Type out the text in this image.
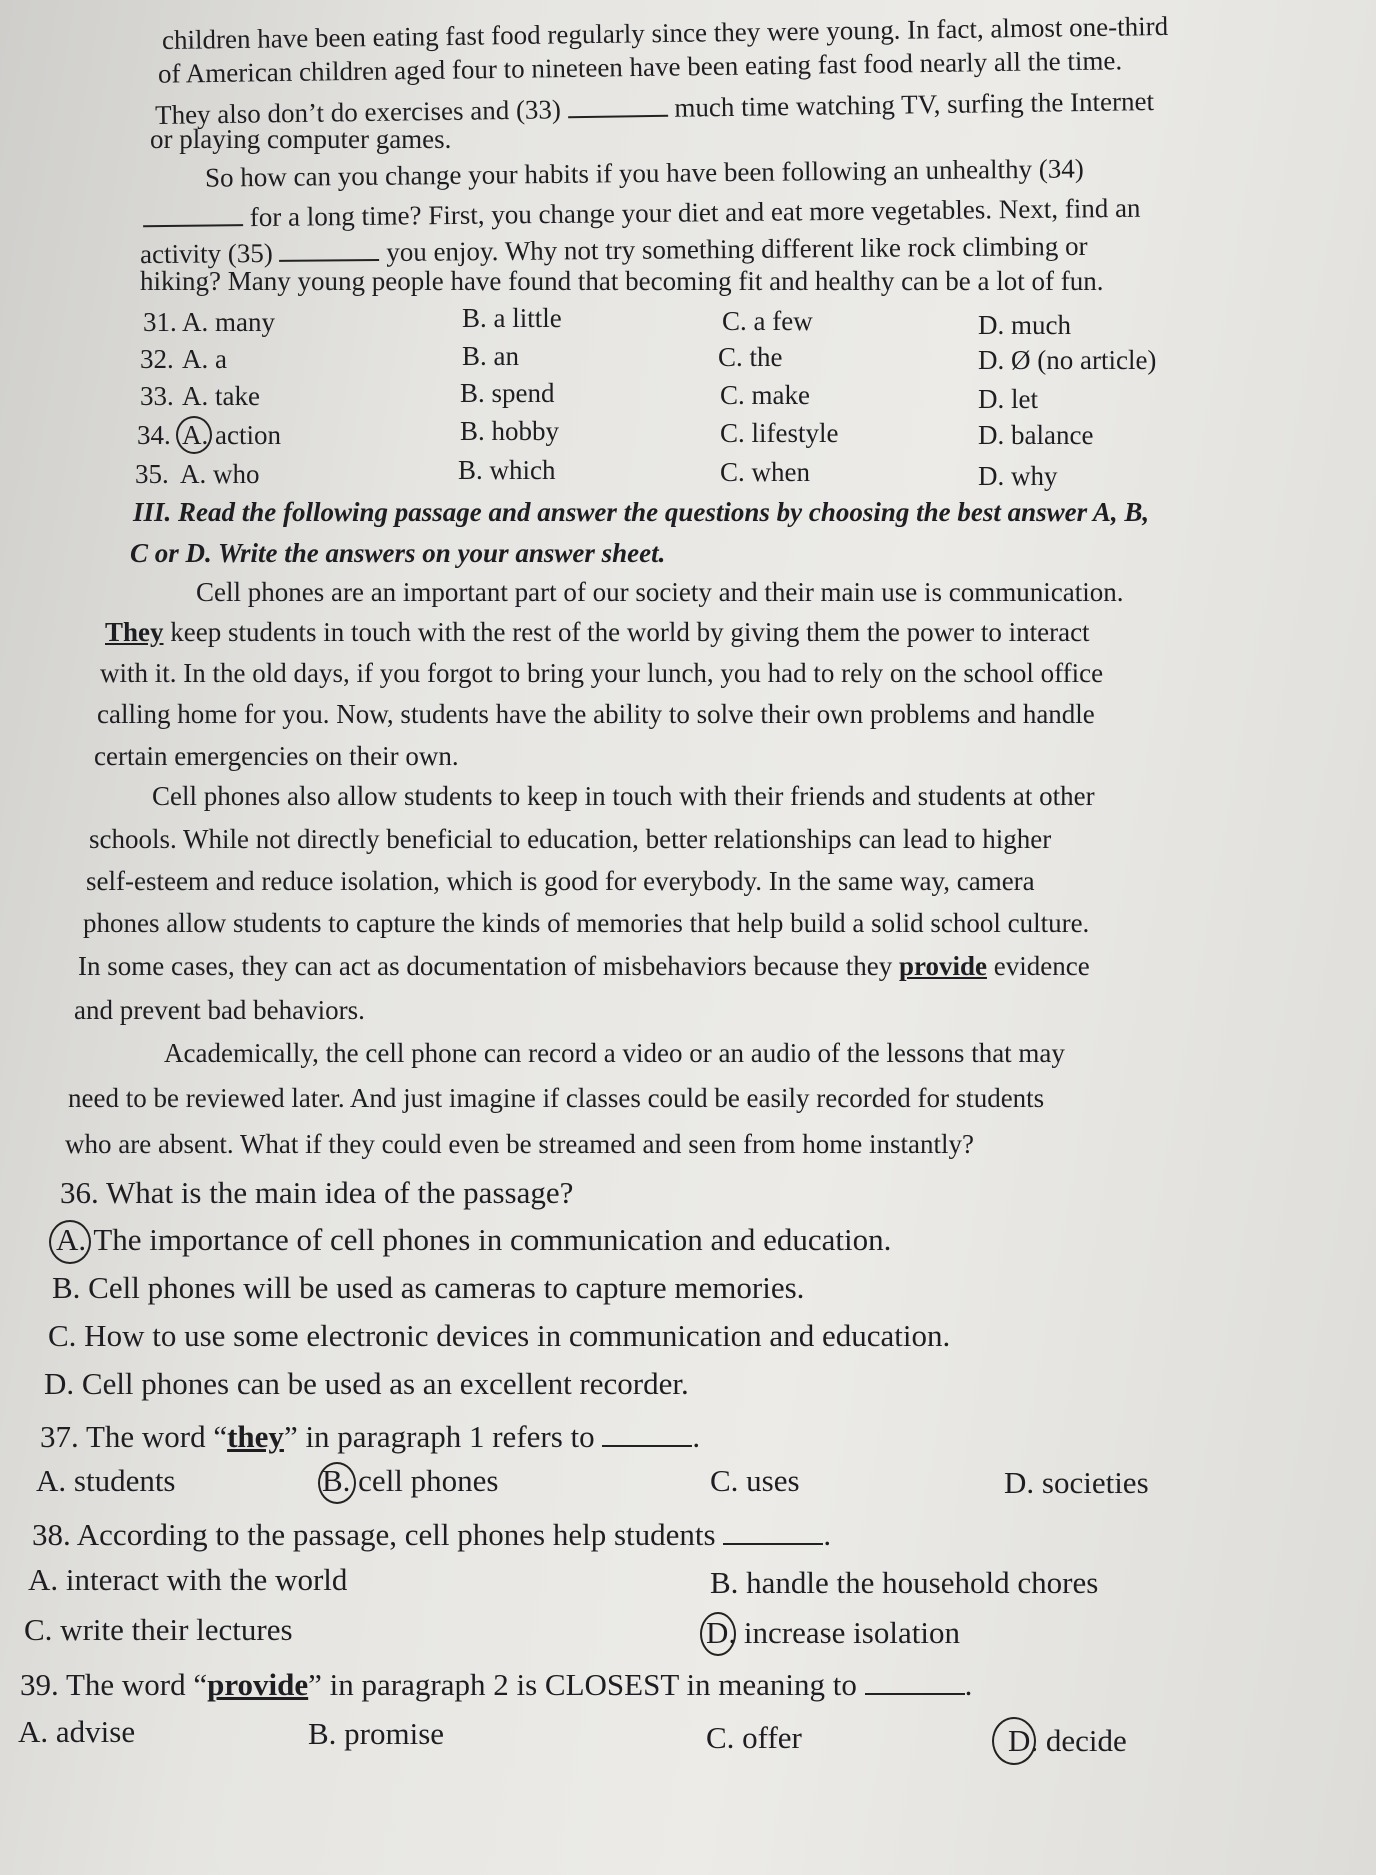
children have been eating fast food regularly since they were young. In fact, almost one-third
of American children aged four to nineteen have been eating fast food nearly all the time.
They also don’t do exercises and (33)	much time watching TV, surfing the Internet
or playing computer games.
So how can you change your habits if you have been following an unhealthy (34)
for a long time? First, you change your diet and eat more vegetables. Next, find an
activity (35)	you enjoy. Why not try something different like rock climbing or
hiking? Many young people have found that becoming fit and healthy can be a lot of fun.
31. A. many	B. a little	C. a few	D. much
32. A. a	B. an	C. the	D. Ø (no article)
33. A. take	B. spend	C. make	D. let
34. A. action	B. hobby	C. lifestyle	D. balance
35. A. who	B. which	C. when	D. why
III. Read the following passage and answer the questions by choosing the best answer A, B,
C or D. Write the answers on your answer sheet.
Cell phones are an important part of our society and their main use is communication.
They keep students in touch with the rest of the world by giving them the power to interact
with it. In the old days, if you forgot to bring your lunch, you had to rely on the school office
calling home for you. Now, students have the ability to solve their own problems and handle
certain emergencies on their own.
Cell phones also allow students to keep in touch with their friends and students at other
schools. While not directly beneficial to education, better relationships can lead to higher
self-esteem and reduce isolation, which is good for everybody. In the same way, camera
phones allow students to capture the kinds of memories that help build a solid school culture.
In some cases, they can act as documentation of misbehaviors because they provide evidence
and prevent bad behaviors.
Academically, the cell phone can record a video or an audio of the lessons that may
need to be reviewed later. And just imagine if classes could be easily recorded for students
who are absent. What if they could even be streamed and seen from home instantly?
36. What is the main idea of the passage?
A. The importance of cell phones in communication and education.
B. Cell phones will be used as cameras to capture memories.
C. How to use some electronic devices in communication and education.
D. Cell phones can be used as an excellent recorder.
37. The word “they” in paragraph 1 refers to	.
A. students	B. cell phones	C. uses	D. societies
38. According to the passage, cell phones help students	.
A. interact with the world	B. handle the household chores
C. write their lectures	D. increase isolation
39. The word “provide” in paragraph 2 is CLOSEST in meaning to	.
A. advise	B. promise	C. offer	D. decide
